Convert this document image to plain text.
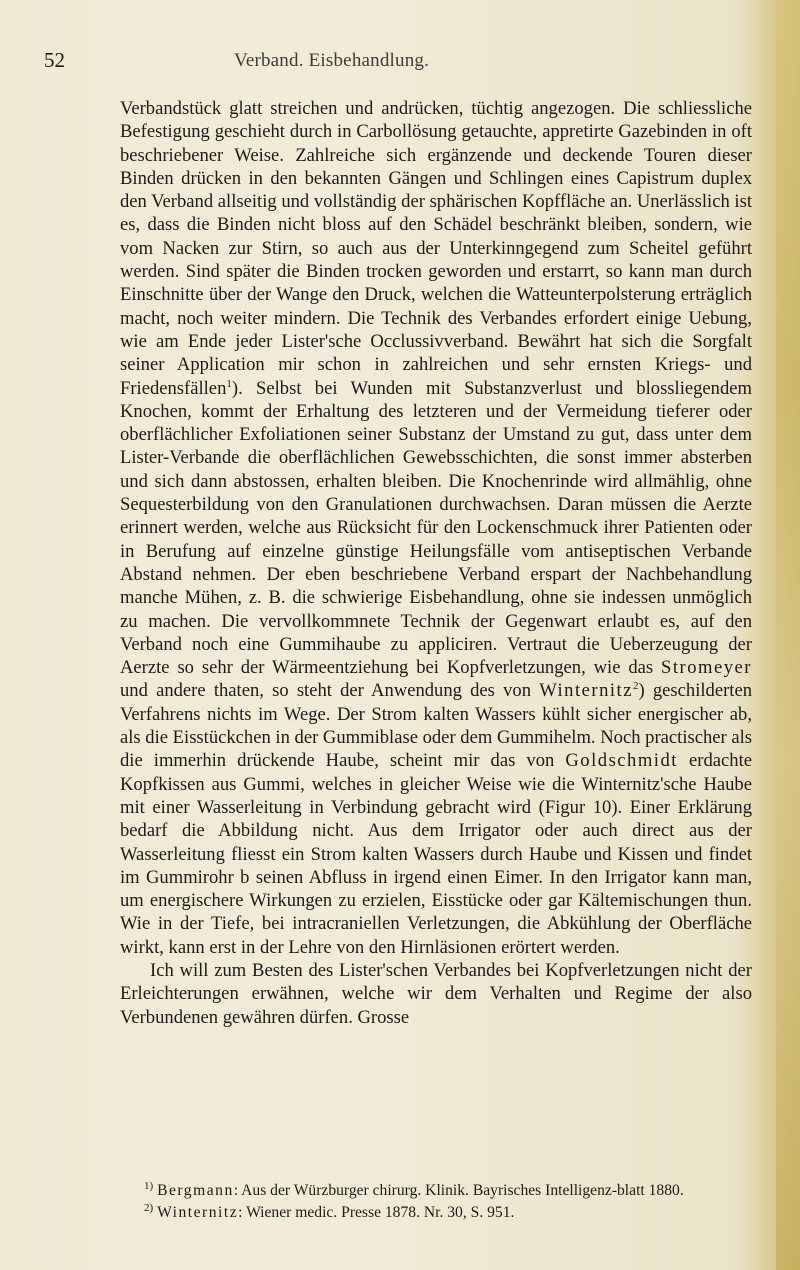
52	Verband. Eisbehandlung.

Verbandstück glatt streichen und andrücken, tüchtig angezogen. Die schliessliche Befestigung geschieht durch in Carbollösung getauchte, appretirte Gazebinden in oft beschriebener Weise. Zahlreiche sich ergänzende und deckende Touren dieser Binden drücken in den bekannten Gängen und Schlingen eines Capistrum duplex den Verband allseitig und vollständig der sphärischen Kopffläche an. Unerlässlich ist es, dass die Binden nicht bloss auf den Schädel beschränkt bleiben, sondern, wie vom Nacken zur Stirn, so auch aus der Unterkinngegend zum Scheitel geführt werden. Sind später die Binden trocken geworden und erstarrt, so kann man durch Einschnitte über der Wange den Druck, welchen die Watteunterpolsterung erträglich macht, noch weiter mindern. Die Technik des Verbandes erfordert einige Uebung, wie am Ende jeder Lister'sche Occlussivverband. Bewährt hat sich die Sorgfalt seiner Application mir schon in zahlreichen und sehr ernsten Kriegs- und Friedensfällen$^1$). Selbst bei Wunden mit Substanzverlust und blossliegendem Knochen, kommt der Erhaltung des letzteren und der Vermeidung tieferer oder oberflächlicher Exfoliationen seiner Substanz der Umstand zu gut, dass unter dem Lister-Verbande die oberflächlichen Gewebsschichten, die sonst immer absterben und sich dann abstossen, erhalten bleiben. Die Knochenrinde wird allmählig, ohne Sequesterbildung von den Granulationen durchwachsen. Daran müssen die Aerzte erinnert werden, welche aus Rücksicht für den Lockenschmuck ihrer Patienten oder in Berufung auf einzelne günstige Heilungsfälle vom antiseptischen Verbande Abstand nehmen. Der eben beschriebene Verband erspart der Nachbehandlung manche Mühen, z. B. die schwierige Eisbehandlung, ohne sie indessen unmöglich zu machen. Die vervollkommnete Technik der Gegenwart erlaubt es, auf den Verband noch eine Gummihaube zu appliciren. Vertraut die Ueberzeugung der Aerzte so sehr der Wärmeentziehung bei Kopfverletzungen, wie das Stromeyer und andere thaten, so steht der Anwendung des von Winternitz$^2$) geschilderten Verfahrens nichts im Wege. Der Strom kalten Wassers kühlt sicher energischer ab, als die Eisstückchen in der Gummiblase oder dem Gummihelm. Noch practischer als die immerhin drückende Haube, scheint mir das von Goldschmidt erdachte Kopfkissen aus Gummi, welches in gleicher Weise wie die Winternitz'sche Haube mit einer Wasserleitung in Verbindung gebracht wird (Figur 10). Einer Erklärung bedarf die Abbildung nicht. Aus dem Irrigator oder auch direct aus der Wasserleitung fliesst ein Strom kalten Wassers durch Haube und Kissen und findet im Gummirohr b seinen Abfluss in irgend einen Eimer. In den Irrigator kann man, um energischere Wirkungen zu erzielen, Eisstücke oder gar Kältemischungen thun. Wie in der Tiefe, bei intracraniellen Verletzungen, die Abkühlung der Oberfläche wirkt, kann erst in der Lehre von den Hirnläsionen erörtert werden.

Ich will zum Besten des Lister'schen Verbandes bei Kopfverletzungen nicht der Erleichterungen erwähnen, welche wir dem Verhalten und Regime der also Verbundenen gewähren dürfen. Grosse

$^{1)}$ Bergmann: Aus der Würzburger chirurg. Klinik. Bayrisches Intelligenz-blatt 1880.
$^{2)}$ Winternitz: Wiener medic. Presse 1878. Nr. 30, S. 951.
